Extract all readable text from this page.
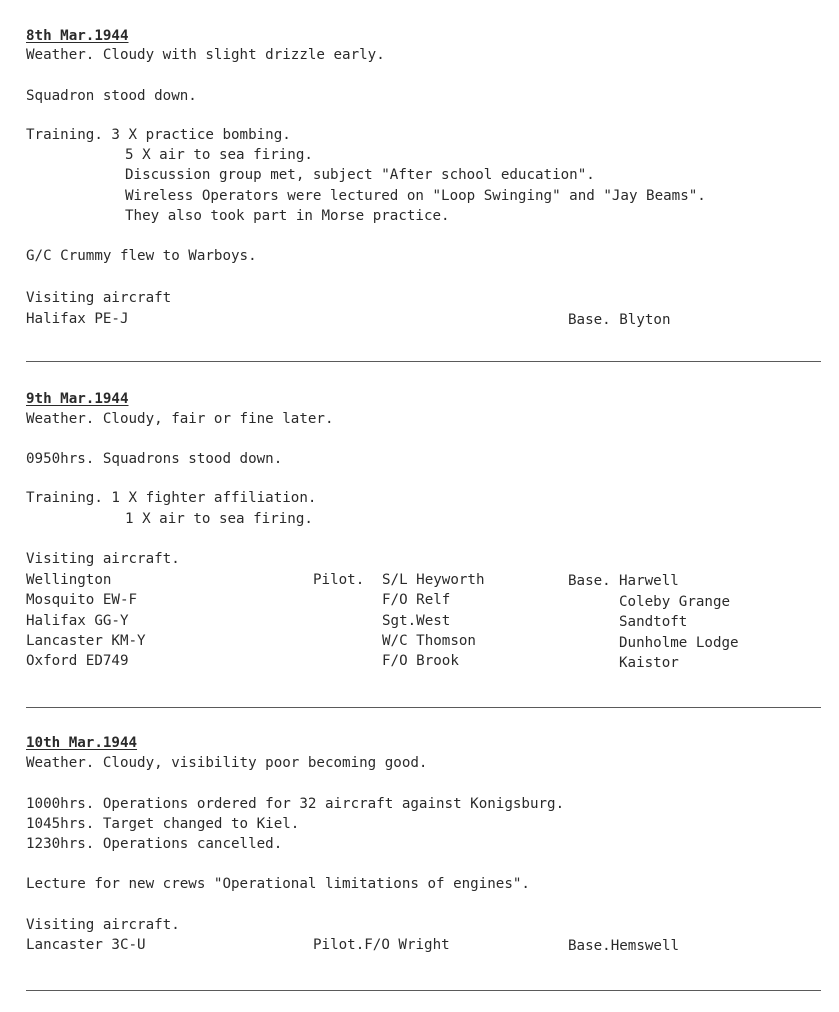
8th Mar.1944
Weather. Cloudy with slight drizzle early.
Squadron stood down.
Training. 3 X practice bombing.
5 X air to sea firing.
Discussion group met, subject "After school education".
Wireless Operators were lectured on "Loop Swinging" and "Jay Beams".
They also took part in Morse practice.
G/C Crummy flew to Warboys.
Visiting aircraft
Halifax PE-J	Base. Blyton
9th Mar.1944
Weather. Cloudy, fair or fine later.
0950hrs. Squadrons stood down.
Training. 1 X fighter affiliation.
1 X air to sea firing.
Visiting aircraft.
Wellington	Pilot. S/L Heyworth	Base. Harwell
Mosquito EW-F	F/O Relf	Coleby Grange
Halifax GG-Y	Sgt.West	Sandtoft
Lancaster KM-Y	W/C Thomson	Dunholme Lodge
Oxford ED749	F/O Brook	Kaistor
10th Mar.1944
Weather. Cloudy, visibility poor becoming good.
1000hrs. Operations ordered for 32 aircraft against Konigsburg.
1045hrs. Target changed to Kiel.
1230hrs. Operations cancelled.
Lecture for new crews "Operational limitations of engines".
Visiting aircraft.
Lancaster 3C-U	Pilot.F/O Wright	Base.Hemswell
